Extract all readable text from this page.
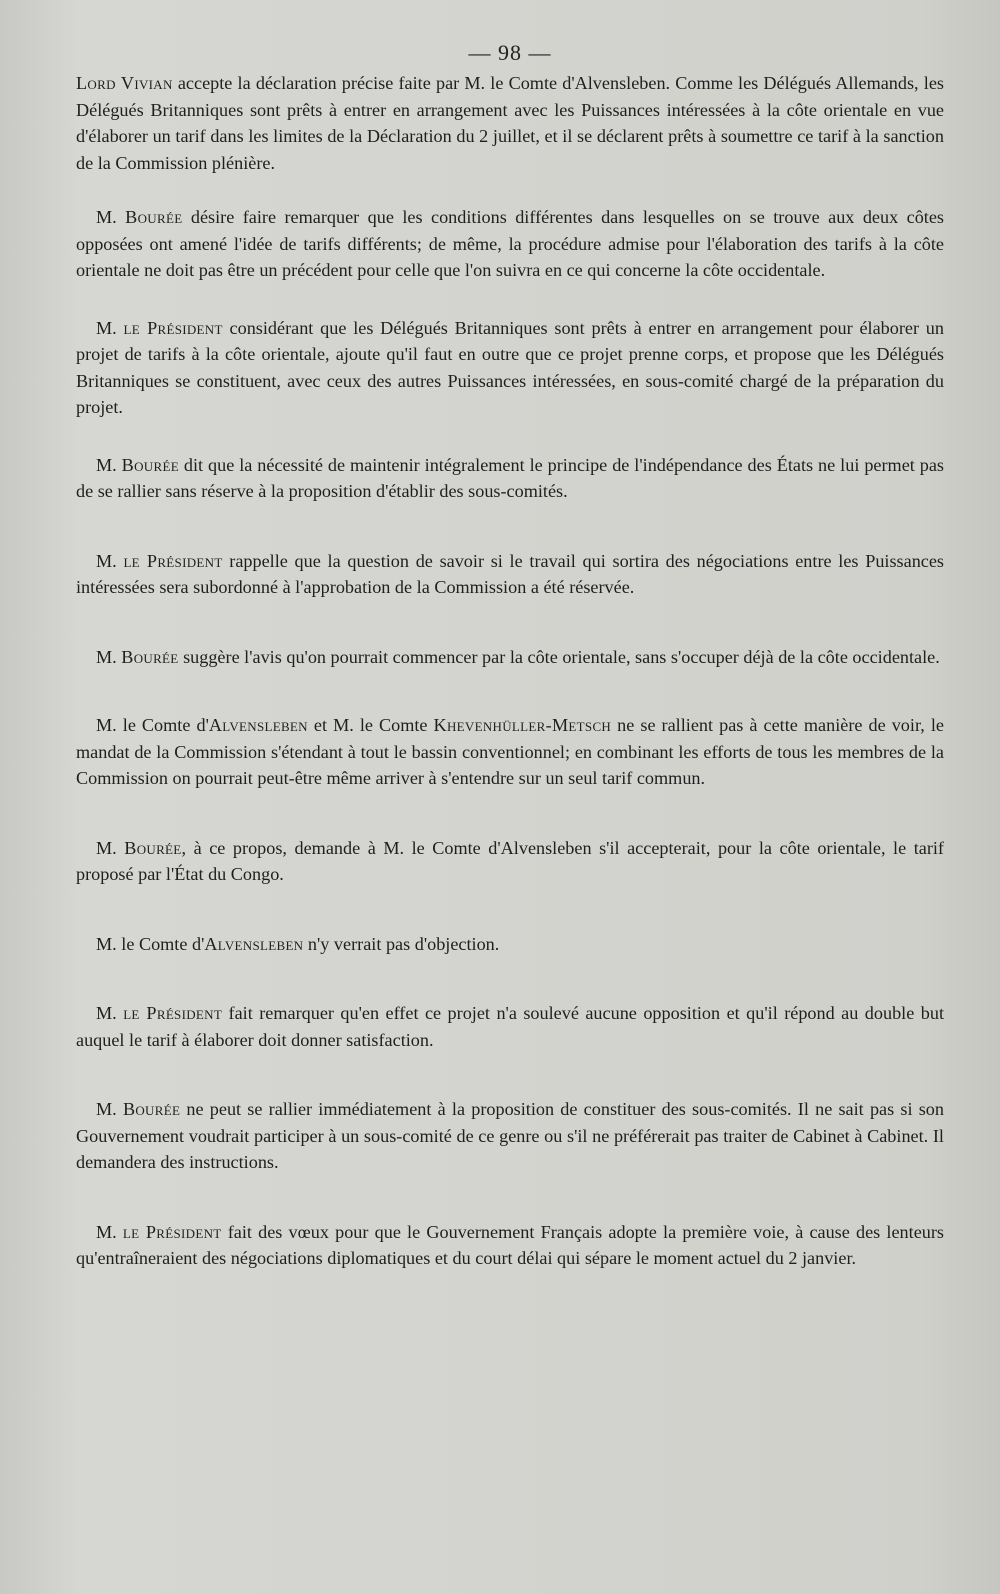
— 98 —

Lord Vivian accepte la déclaration précise faite par M. le Comte d'Alvensleben. Comme les Délégués Allemands, les Délégués Britanniques sont prêts à entrer en arrangement avec les Puissances intéressées à la côte orientale en vue d'élaborer un tarif dans les limites de la Déclaration du 2 juillet, et il se déclarent prêts à soumettre ce tarif à la sanction de la Commission plénière.

M. Bourée désire faire remarquer que les conditions différentes dans lesquelles on se trouve aux deux côtes opposées ont amené l'idée de tarifs différents; de même, la procédure admise pour l'élaboration des tarifs à la côte orientale ne doit pas être un précédent pour celle que l'on suivra en ce qui concerne la côte occidentale.

M. le Président considérant que les Délégués Britanniques sont prêts à entrer en arrangement pour élaborer un projet de tarifs à la côte orientale, ajoute qu'il faut en outre que ce projet prenne corps, et propose que les Délégués Britanniques se constituent, avec ceux des autres Puissances intéressées, en sous-comité chargé de la préparation du projet.

M. Bourée dit que la nécessité de maintenir intégralement le principe de l'indépendance des États ne lui permet pas de se rallier sans réserve à la proposition d'établir des sous-comités.

M. le Président rappelle que la question de savoir si le travail qui sortira des négociations entre les Puissances intéressées sera subordonné à l'approbation de la Commission a été réservée.

M. Bourée suggère l'avis qu'on pourrait commencer par la côte orientale, sans s'occuper déjà de la côte occidentale.

M. le Comte d'Alvensleben et M. le Comte Khevenhüller-Metsch ne se rallient pas à cette manière de voir, le mandat de la Commission s'étendant à tout le bassin conventionnel; en combinant les efforts de tous les membres de la Commission on pourrait peut-être même arriver à s'entendre sur un seul tarif commun.

M. Bourée, à ce propos, demande à M. le Comte d'Alvensleben s'il accepterait, pour la côte orientale, le tarif proposé par l'État du Congo.

M. le Comte d'Alvensleben n'y verrait pas d'objection.

M. le Président fait remarquer qu'en effet ce projet n'a soulevé aucune opposition et qu'il répond au double but auquel le tarif à élaborer doit donner satisfaction.

M. Bourée ne peut se rallier immédiatement à la proposition de constituer des sous-comités. Il ne sait pas si son Gouvernement voudrait participer à un sous-comité de ce genre ou s'il ne préférerait pas traiter de Cabinet à Cabinet. Il demandera des instructions.

M. le Président fait des vœux pour que le Gouvernement Français adopte la première voie, à cause des lenteurs qu'entraîneraient des négociations diplomatiques et du court délai qui sépare le moment actuel du 2 janvier.
